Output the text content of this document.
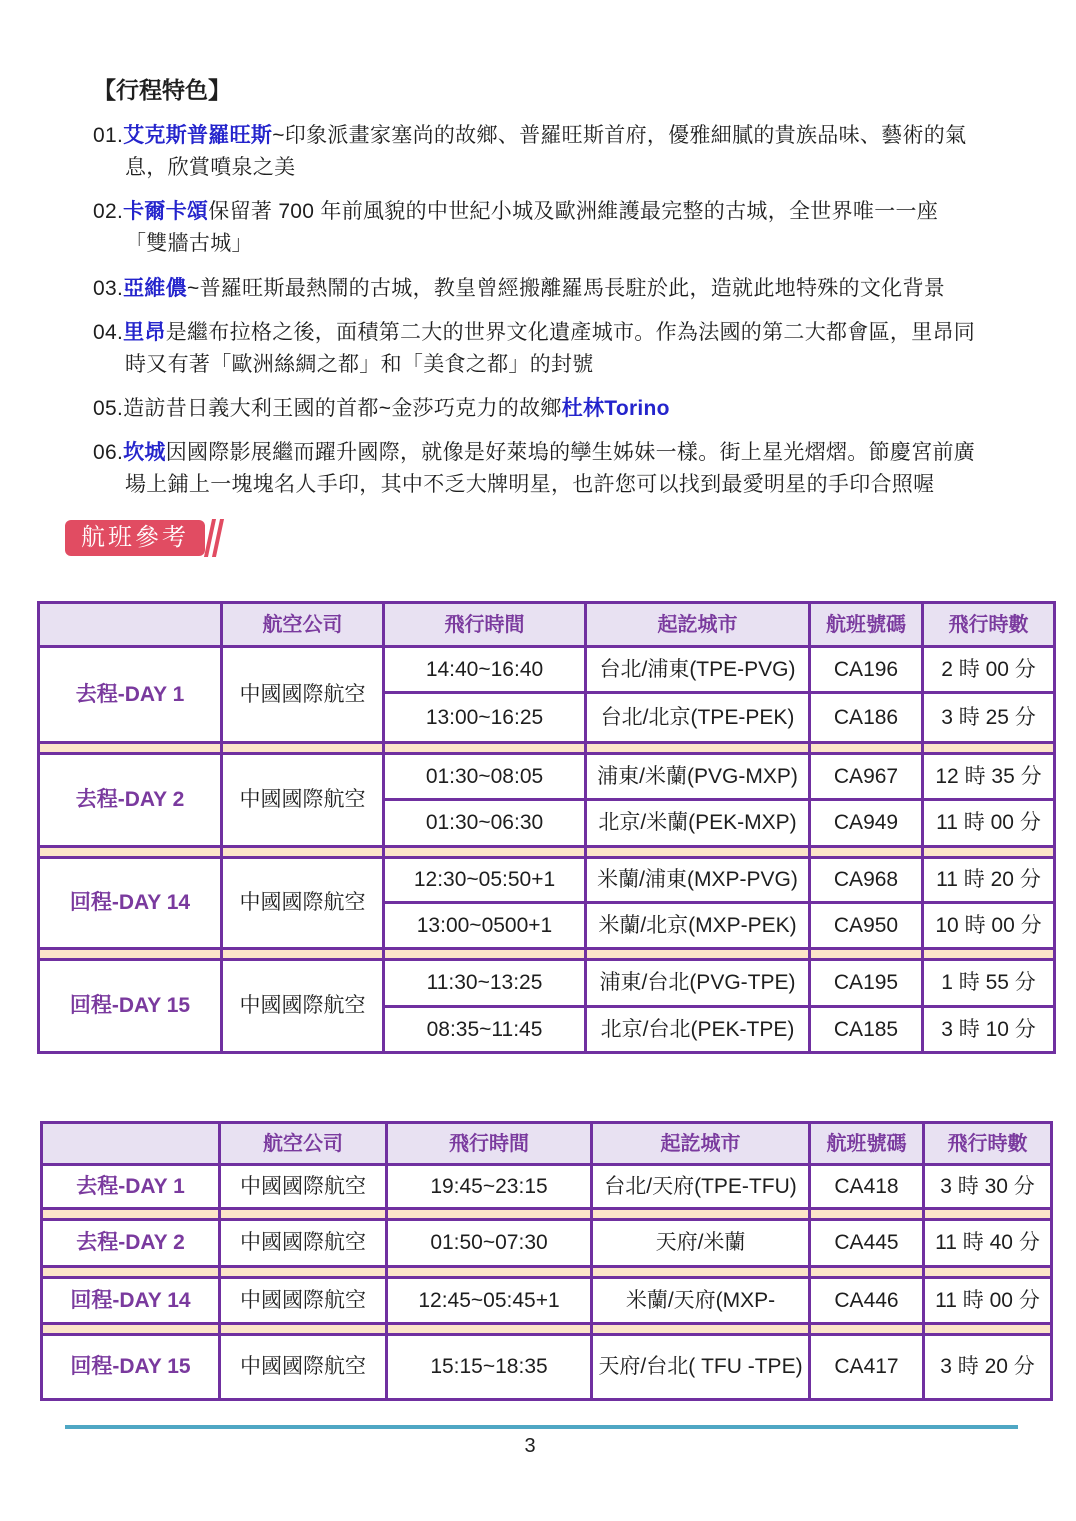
【行程特色】
01.艾克斯普羅旺斯~印象派畫家塞尚的故鄉、普羅旺斯首府，優雅細膩的貴族品味、藝術的氣
息，欣賞噴泉之美
02.卡爾卡頌保留著 700 年前風貌的中世紀小城及歐洲維護最完整的古城，全世界唯一一座
「雙牆古城」
03.亞維儂~普羅旺斯最熱鬧的古城，教皇曾經搬離羅馬長駐於此，造就此地特殊的文化背景
04.里昂是繼布拉格之後，面積第二大的世界文化遺產城市。作為法國的第二大都會區，里昂同
時又有著「歐洲絲綢之都」和「美食之都」的封號
05.造訪昔日義大利王國的首都~金莎巧克力的故鄉杜林Torino
06.坎城因國際影展繼而躍升國際，就像是好萊塢的孿生姊妹一樣。街上星光熠熠。節慶宮前廣
場上鋪上一塊塊名人手印，其中不乏大牌明星，也許您可以找到最愛明星的手印合照喔
航班參考
	航空公司	飛行時間	起訖城市	航班號碼	飛行時數
去程-DAY 1	中國國際航空	14:40~16:40	台北/浦東(TPE-PVG)	CA196	2 時 00 分
		13:00~16:25	台北/北京(TPE-PEK)	CA186	3 時 25 分

去程-DAY 2	中國國際航空	01:30~08:05	浦東/米蘭(PVG-MXP)	CA967	12 時 35 分
		01:30~06:30	北京/米蘭(PEK-MXP)	CA949	11 時 00 分

回程-DAY 14	中國國際航空	12:30~05:50+1	米蘭/浦東(MXP-PVG)	CA968	11 時 20 分
		13:00~0500+1	米蘭/北京(MXP-PEK)	CA950	10 時 00 分

回程-DAY 15	中國國際航空	11:30~13:25	浦東/台北(PVG-TPE)	CA195	1 時 55 分
		08:35~11:45	北京/台北(PEK-TPE)	CA185	3 時 10 分
	航空公司	飛行時間	起訖城市	航班號碼	飛行時數
去程-DAY 1	中國國際航空	19:45~23:15	台北/天府(TPE-TFU)	CA418	3 時 30 分

去程-DAY 2	中國國際航空	01:50~07:30	天府/米蘭	CA445	11 時 40 分

回程-DAY 14	中國國際航空	12:45~05:45+1	米蘭/天府(MXP-	CA446	11 時 00 分

回程-DAY 15	中國國際航空	15:15~18:35	天府/台北( TFU -TPE)	CA417	3 時 20 分
3
